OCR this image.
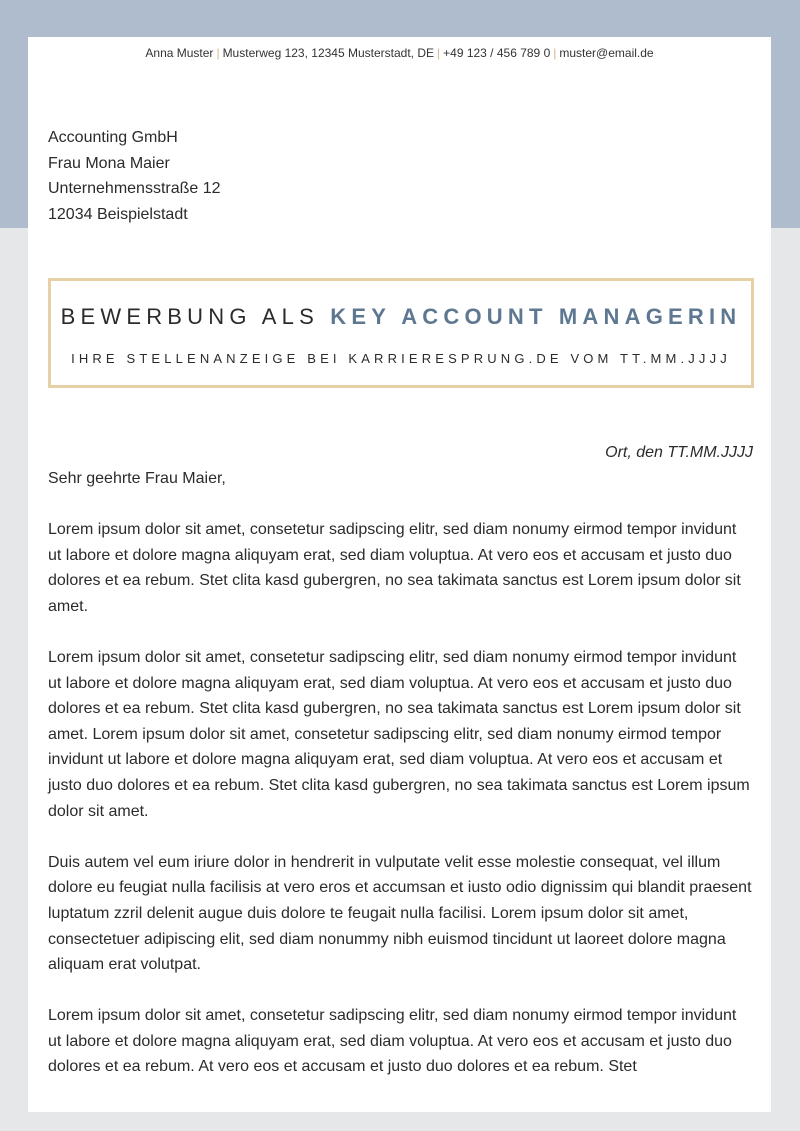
Anna Muster | Musterweg 123, 12345 Musterstadt, DE | +49 123 / 456 789 0 | muster@email.de
Accounting GmbH
Frau Mona Maier
Unternehmensstraße 12
12034 Beispielstadt
BEWERBUNG ALS KEY ACCOUNT MANAGERIN
IHRE STELLENANZEIGE BEI KARRIERESPRUNG.DE VOM TT.MM.JJJJ
Ort, den TT.MM.JJJJ
Sehr geehrte Frau Maier,

Lorem ipsum dolor sit amet, consetetur sadipscing elitr, sed diam nonumy eirmod tempor invidunt ut labore et dolore magna aliquyam erat, sed diam voluptua. At vero eos et accusam et justo duo dolores et ea rebum. Stet clita kasd gubergren, no sea takimata sanctus est Lorem ipsum dolor sit amet.

Lorem ipsum dolor sit amet, consetetur sadipscing elitr, sed diam nonumy eirmod tempor invidunt ut labore et dolore magna aliquyam erat, sed diam voluptua. At vero eos et accusam et justo duo dolores et ea rebum. Stet clita kasd gubergren, no sea takimata sanctus est Lorem ipsum dolor sit amet. Lorem ipsum dolor sit amet, consetetur sadipscing elitr, sed diam nonumy eirmod tempor invidunt ut labore et dolore magna aliquyam erat, sed diam voluptua. At vero eos et accusam et justo duo dolores et ea rebum. Stet clita kasd gubergren, no sea takimata sanctus est Lorem ipsum dolor sit amet.

Duis autem vel eum iriure dolor in hendrerit in vulputate velit esse molestie consequat, vel illum dolore eu feugiat nulla facilisis at vero eros et accumsan et iusto odio dignissim qui blandit praesent luptatum zzril delenit augue duis dolore te feugait nulla facilisi. Lorem ipsum dolor sit amet, consectetuer adipiscing elit, sed diam nonummy nibh euismod tincidunt ut laoreet dolore magna aliquam erat volutpat.

Lorem ipsum dolor sit amet, consetetur sadipscing elitr, sed diam nonumy eirmod tempor invidunt ut labore et dolore magna aliquyam erat, sed diam voluptua. At vero eos et accusam et justo duo dolores et ea rebum. At vero eos et accusam et justo duo dolores et ea rebum. Stet
